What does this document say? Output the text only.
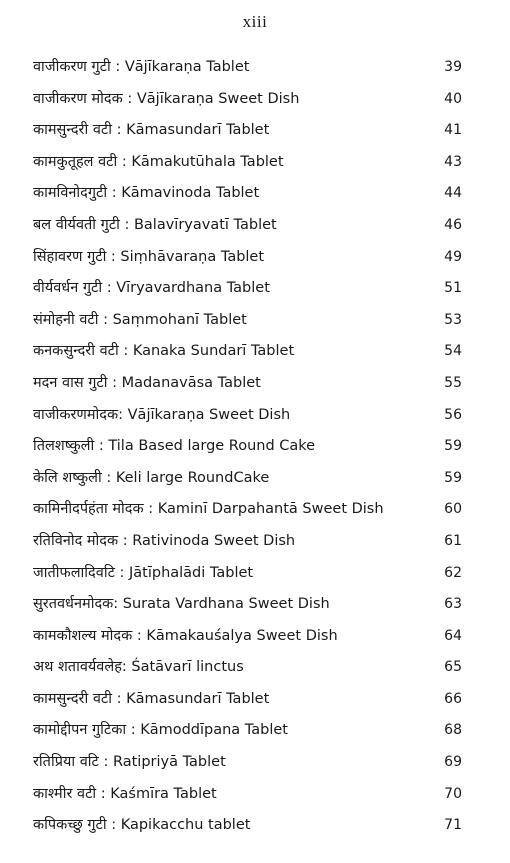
xiii
वाजीकरण गुटी : Vājīkaraṇa Tablet	39
वाजीकरण मोदक : Vājīkaraṇa Sweet Dish	40
कामसुन्दरी वटी : Kāmasundarī Tablet	41
कामकुतूहल वटी : Kāmakutūhala Tablet	43
कामविनोदगुटी : Kāmavinoda Tablet	44
बल वीर्यवती गुटी : Balavīryavatī Tablet	46
सिंहावरण गुटी : Siṃhāvaraṇa Tablet	49
वीर्यवर्धन गुटी : Vīryavardhana Tablet	51
संमोहनी वटी : Saṃmohanī Tablet	53
कनकसुन्दरी वटी : Kanaka Sundarī Tablet	54
मदन वास गुटी : Madanavāsa Tablet	55
वाजीकरणमोदक: Vājīkaraṇa Sweet Dish	56
तिलशष्कुली : Tila Based large Round Cake	59
केलि शष्कुली : Keli large RoundCake	59
कामिनीदर्पहंता मोदक : Kaminī Darpahantā Sweet Dish	60
रतिविनोद मोदक : Rativinoda Sweet Dish	61
जातीफलादिवटि : Jātīphalādi Tablet	62
सुरतवर्धनमोदक: Surata Vardhana Sweet Dish	63
कामकौशल्य मोदक : Kāmakauśalya Sweet Dish	64
अथ शतावर्यवलेह: Śatāvarī linctus	65
कामसुन्दरी वटी : Kāmasundarī Tablet	66
कामोद्दीपन गुटिका : Kāmoddīpana Tablet	68
रतिप्रिया वटि : Ratipriyā Tablet	69
काश्मीर वटी : Kaśmīra Tablet	70
कपिकच्छु गुटी : Kapikacchu tablet	71
